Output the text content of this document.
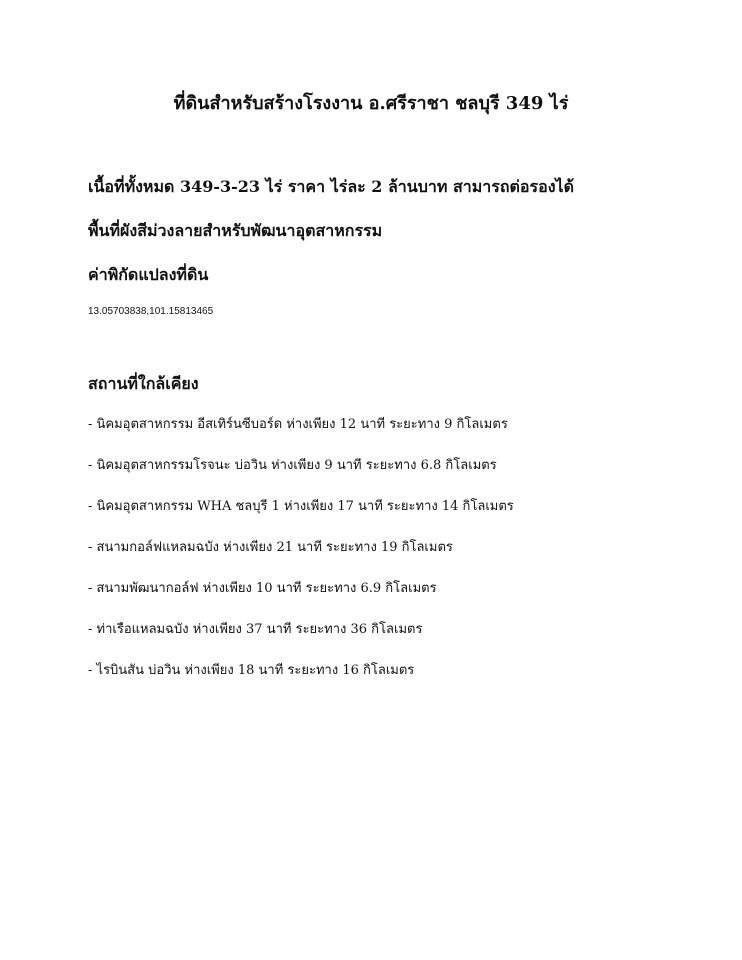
ที่ดินสำหรับสร้างโรงงาน อ.ศรีราชา ชลบุรี 349 ไร่

เนื้อที่ทั้งหมด 349-3-23 ไร่ ราคา ไร่ละ 2 ล้านบาท สามารถต่อรองได้

พื้นที่ผังสีม่วงลายสำหรับพัฒนาอุตสาหกรรม

ค่าพิกัดแปลงที่ดิน

13.05703838,101.15813465

สถานที่ใกล้เคียง

- นิคมอุตสาหกรรม อีสเทิร์นซีบอร์ด ห่างเพียง 12 นาที ระยะทาง 9 กิโลเมตร
- นิคมอุตสาหกรรมโรจนะ บ่อวิน ห่างเพียง 9 นาที ระยะทาง 6.8 กิโลเมตร
- นิคมอุตสาหกรรม WHA ชลบุรี 1 ห่างเพียง 17 นาที ระยะทาง 14 กิโลเมตร
- สนามกอล์ฟแหลมฉบัง ห่างเพียง 21 นาที ระยะทาง 19 กิโลเมตร
- สนามพัฒนากอล์ฟ ห่างเพียง 10 นาที ระยะทาง 6.9 กิโลเมตร
- ท่าเรือแหลมฉบัง ห่างเพียง 37 นาที ระยะทาง 36 กิโลเมตร
- ไรบินสัน บ่อวิน ห่างเพียง 18 นาที ระยะทาง 16 กิโลเมตร
